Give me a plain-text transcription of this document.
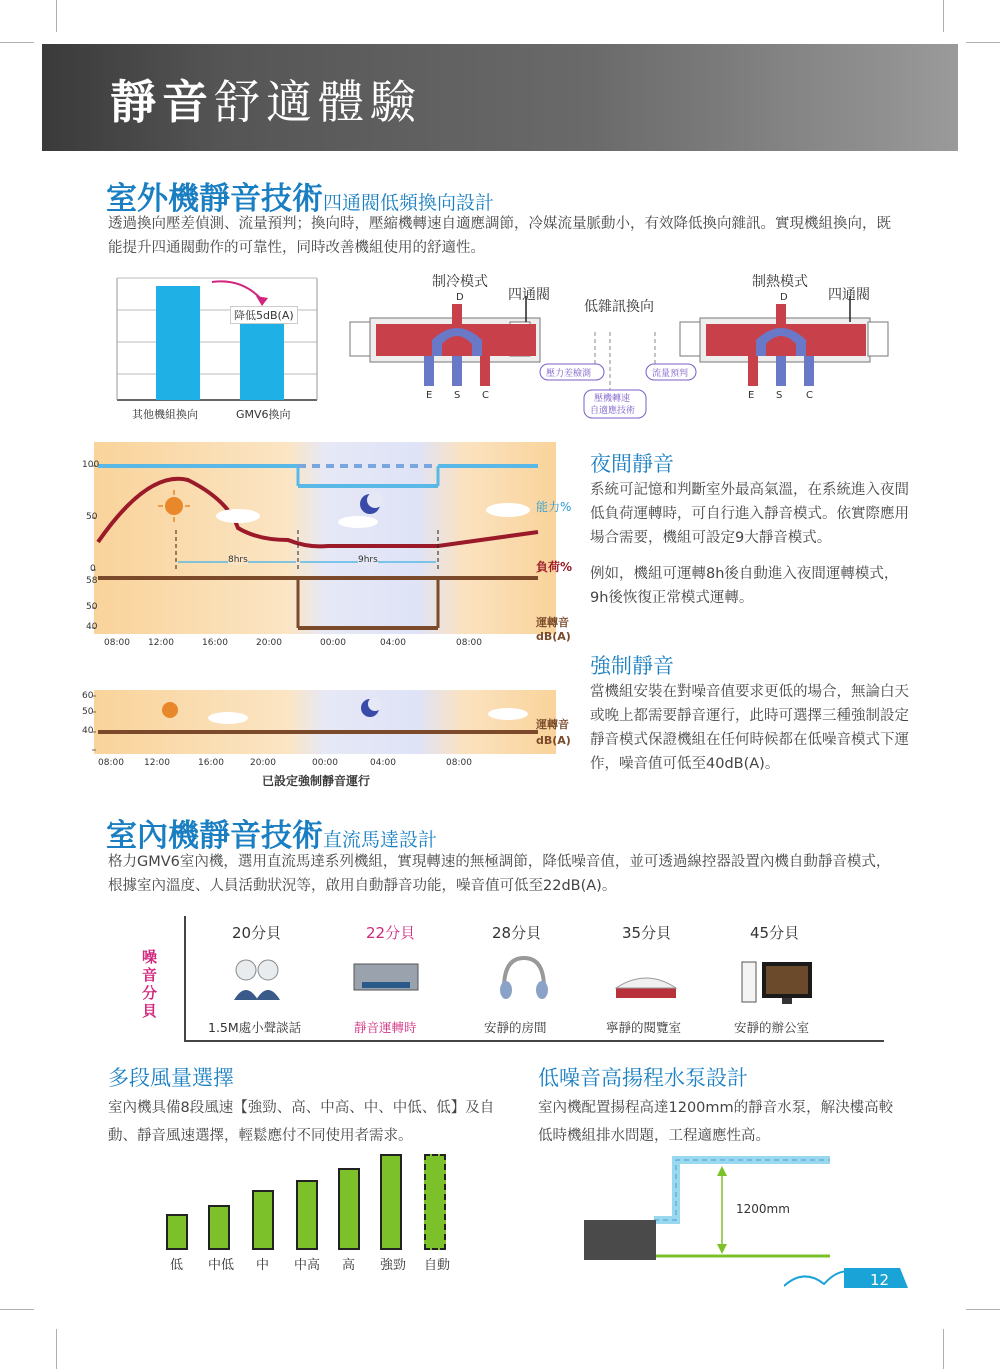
靜音舒適體驗
室外機靜音技術四通閥低頻換向設計
透過換向壓差偵測、流量預判；換向時，壓縮機轉速自適應調節，冷媒流量脈動小，有效降低換向雜訊。實現機組換向，既能提升四通閥動作的可靠性，同時改善機組使用的舒適性。
降低5dB(A)
其他機組換向	GMV6換向
制冷模式
四通閥
低雜訊換向
制熱模式
四通閥
D	D
E S C	E S C
壓力差檢測	流量預判
壓機轉速
自適應技術
100
50
0
58
50
40
8hrs	9hrs
08:00 12:00	16:00	20:00	00:00	04:00	08:00
能力%
負荷%
運轉音
dB(A)
60
50
40
08:00 12:00	16:00	20:00	00:00	04:00	08:00
運轉音
dB(A)
已設定強制靜音運行
夜間靜音
系統可記憶和判斷室外最高氣溫，在系統進入夜間低負荷運轉時，可自行進入靜音模式。依實際應用場合需要，機組可設定9大靜音模式。
例如，機組可運轉8h後自動進入夜間運轉模式，9h後恢復正常模式運轉。
強制靜音
當機組安裝在對噪音值要求更低的場合，無論白天或晚上都需要靜音運行，此時可選擇三種強制設定靜音模式保證機組在任何時候都在低噪音模式下運作，噪音值可低至40dB(A)。
室內機靜音技術直流馬達設計
格力GMV6室內機，選用直流馬達系列機組，實現轉速的無極調節，降低噪音值，並可透過線控器設置內機自動靜音模式，根據室內溫度、人員活動狀況等，啟用自動靜音功能，噪音值可低至22dB(A)。
噪音分貝
20分貝	22分貝	28分貝	35分貝	45分貝
1.5M處小聲談話	靜音運轉時	安靜的房間	寧靜的閱覽室	安靜的辦公室
多段風量選擇
室內機具備8段風速【強勁、高、中高、中、中低、低】及自動、靜音風速選擇，輕鬆應付不同使用者需求。
低 中低 中 中高 高 強勁 自動
低噪音高揚程水泵設計
室內機配置揚程高達1200mm的靜音水泵，解決樓高較低時機組排水問題，工程適應性高。
1200mm
12
